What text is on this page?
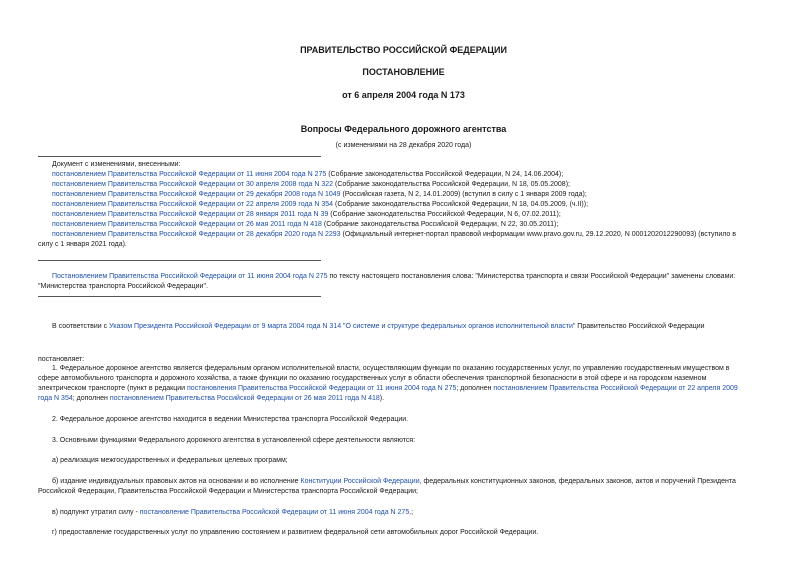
ПРАВИТЕЛЬСТВО РОССИЙСКОЙ ФЕДЕРАЦИИ
ПОСТАНОВЛЕНИЕ
от 6 апреля 2004 года N 173
Вопросы Федерального дорожного агентства
(с изменениями на 28 декабря 2020 года)
Документ с изменениями, внесенными:
постановлением Правительства Российской Федерации от 11 июня 2004 года N 275 (Собрание законодательства Российской Федерации, N 24, 14.06.2004);
постановлением Правительства Российской Федерации от 30 апреля 2008 года N 322 (Собрание законодательства Российской Федерации, N 18, 05.05.2008);
постановлением Правительства Российской Федерации от 29 декабря 2008 года N 1049 (Российская газета, N 2, 14.01.2009) (вступил в силу с 1 января 2009 года);
постановлением Правительства Российской Федерации от 22 апреля 2009 года N 354 (Собрание законодательства Российской Федерации, N 18, 04.05.2009, (ч.II));
постановлением Правительства Российской Федерации от 28 января 2011 года N 39 (Собрание законодательства Российской Федерации, N 6, 07.02.2011);
постановлением Правительства Российской Федерации от 26 мая 2011 года N 418 (Собрание законодательства Российской Федерации, N 22, 30.05.2011);
постановлением Правительства Российской Федерации от 28 декабря 2020 года N 2293 (Официальный интернет-портал правовой информации www.pravo.gov.ru, 29.12.2020, N 0001202012290093) (вступило в
силу с 1 января 2021 года).
Постановлением Правительства Российской Федерации от 11 июня 2004 года N 275 по тексту настоящего постановления слова: "Министерства транспорта и связи Российской Федерации" заменены словами:
"Министерства транспорта Российской Федерации".
В соответствии с Указом Президента Российской Федерации от 9 марта 2004 года N 314 "О системе и структуре федеральных органов исполнительной власти" Правительство Российской Федерации
постановляет:
1. Федеральное дорожное агентство является федеральным органом исполнительной власти, осуществляющим функции по оказанию государственных услуг, по управлению государственным имуществом в
сфере автомобильного транспорта и дорожного хозяйства, а также функции по оказанию государственных услуг в области обеспечения транспортной безопасности в этой сфере и на городском наземном
электрическом транспорте (пункт в редакции постановления Правительства Российской Федерации от 11 июня 2004 года N 275; дополнен постановлением Правительства Российской Федерации от 22 апреля 2009
года N 354; дополнен постановлением Правительства Российской Федерации от 26 мая 2011 года N 418).
2. Федеральное дорожное агентство находится в ведении Министерства транспорта Российской Федерации.
3. Основными функциями Федерального дорожного агентства в установленной сфере деятельности являются:
а) реализация межгосударственных и федеральных целевых программ;
б) издание индивидуальных правовых актов на основании и во исполнение Конституции Российской Федерации, федеральных конституционных законов, федеральных законов, актов и поручений Президента
Российской Федерации, Правительства Российской Федерации и Министерства транспорта Российской Федерации;
в) подпункт утратил силу - постановление Правительства Российской Федерации от 11 июня 2004 года N 275.;
г) предоставление государственных услуг по управлению состоянием и развитием федеральной сети автомобильных дорог Российской Федерации.
